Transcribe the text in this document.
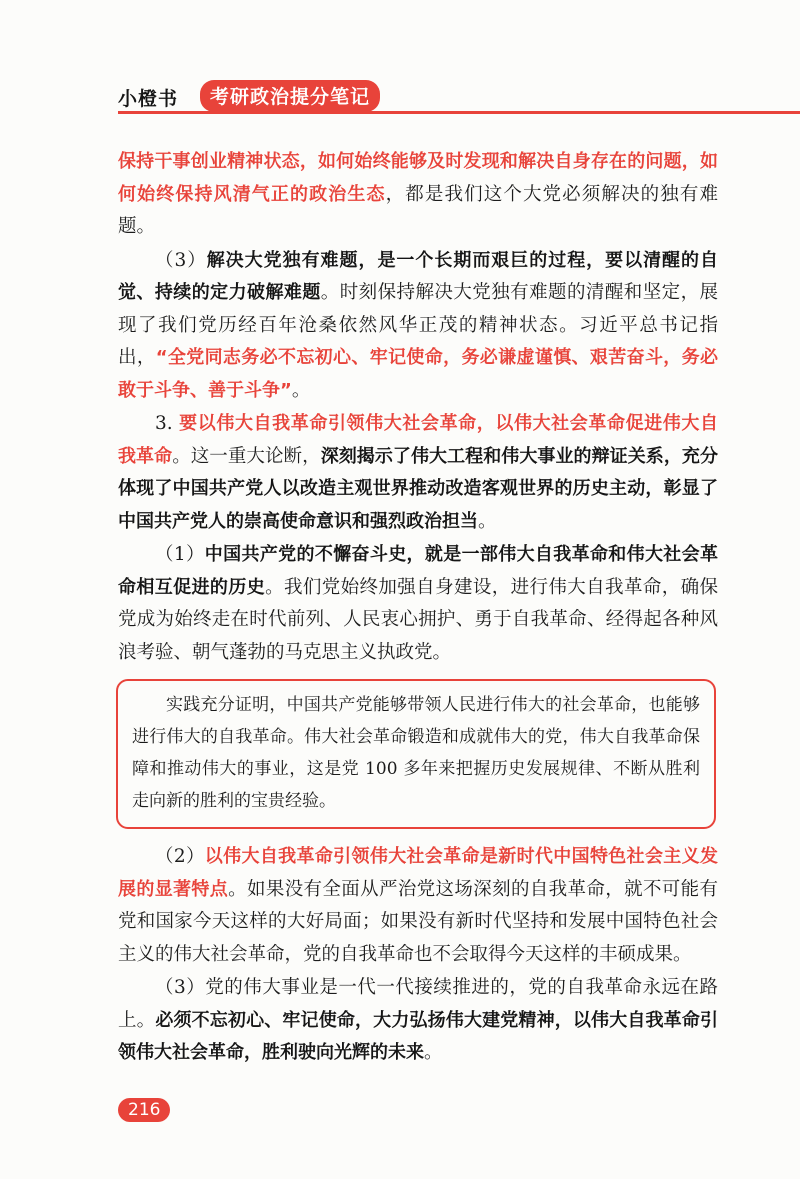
小橙书	考研政治提分笔记

保持干事创业精神状态，如何始终能够及时发现和解决自身存在的问题，如何始终保持风清气正的政治生态，都是我们这个大党必须解决的独有难题。

（3）解决大党独有难题，是一个长期而艰巨的过程，要以清醒的自觉、持续的定力破解难题。时刻保持解决大党独有难题的清醒和坚定，展现了我们党历经百年沧桑依然风华正茂的精神状态。习近平总书记指出，“全党同志务必不忘初心、牢记使命，务必谦虚谨慎、艰苦奋斗，务必敢于斗争、善于斗争”。

3. 要以伟大自我革命引领伟大社会革命，以伟大社会革命促进伟大自我革命。这一重大论断，深刻揭示了伟大工程和伟大事业的辩证关系，充分体现了中国共产党人以改造主观世界推动改造客观世界的历史主动，彰显了中国共产党人的崇高使命意识和强烈政治担当。

（1）中国共产党的不懈奋斗史，就是一部伟大自我革命和伟大社会革命相互促进的历史。我们党始终加强自身建设，进行伟大自我革命，确保党成为始终走在时代前列、人民衷心拥护、勇于自我革命、经得起各种风浪考验、朝气蓬勃的马克思主义执政党。

实践充分证明，中国共产党能够带领人民进行伟大的社会革命，也能够进行伟大的自我革命。伟大社会革命锻造和成就伟大的党，伟大自我革命保障和推动伟大的事业，这是党 100 多年来把握历史发展规律、不断从胜利走向新的胜利的宝贵经验。

（2）以伟大自我革命引领伟大社会革命是新时代中国特色社会主义发展的显著特点。如果没有全面从严治党这场深刻的自我革命，就不可能有党和国家今天这样的大好局面；如果没有新时代坚持和发展中国特色社会主义的伟大社会革命，党的自我革命也不会取得今天这样的丰硕成果。

（3）党的伟大事业是一代一代接续推进的，党的自我革命永远在路上。必须不忘初心、牢记使命，大力弘扬伟大建党精神，以伟大自我革命引领伟大社会革命，胜利驶向光辉的未来。

216
